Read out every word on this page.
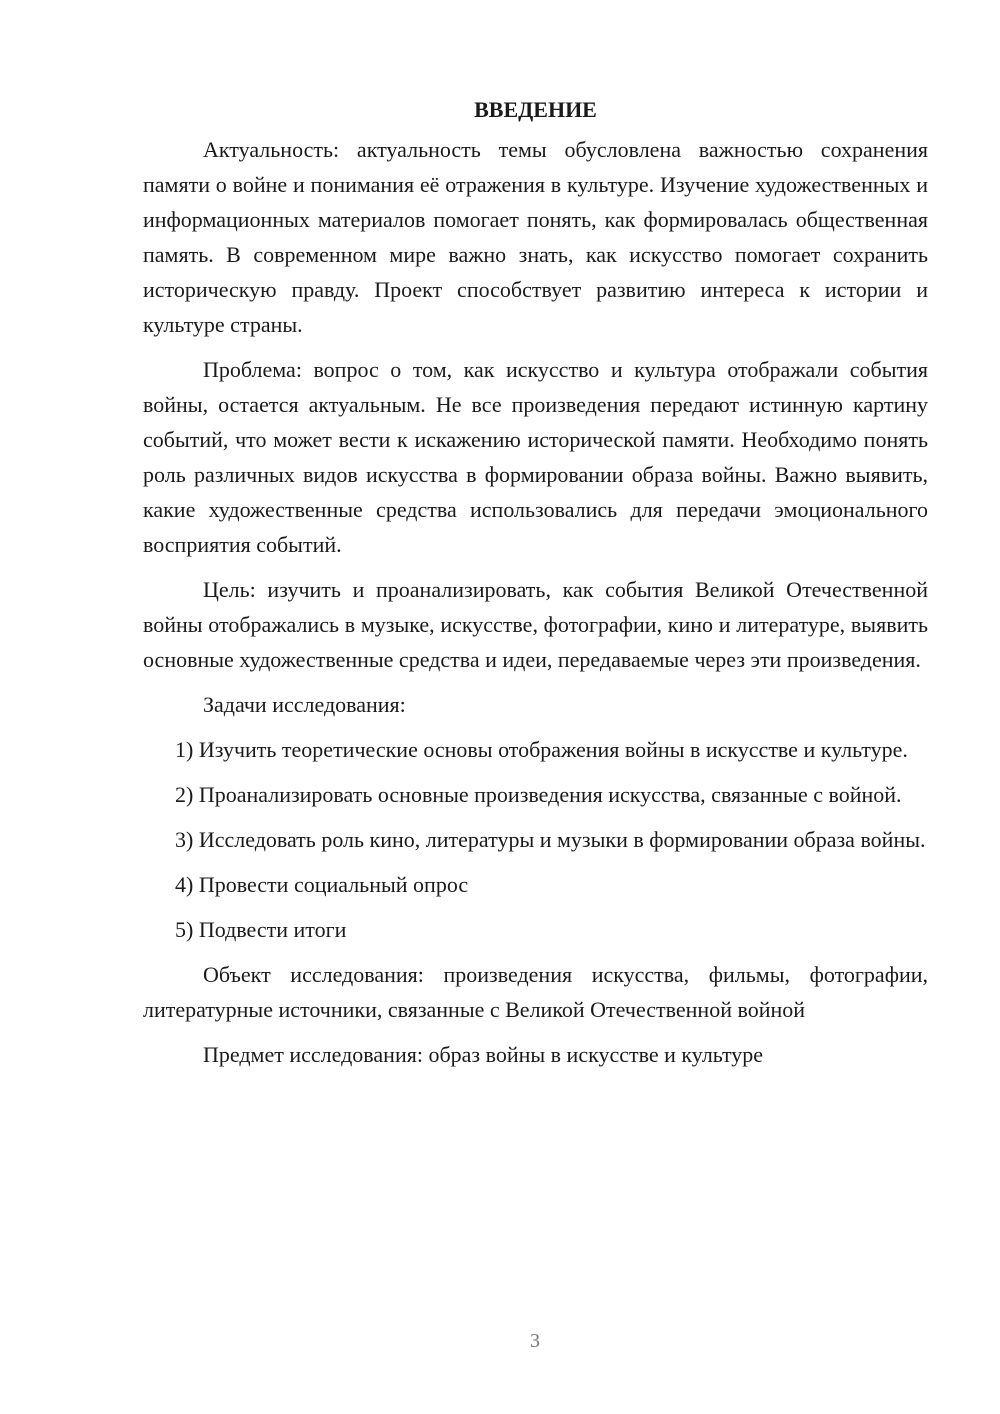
ВВЕДЕНИЕ

Актуальность: актуальность темы обусловлена важностью сохранения памяти о войне и понимания её отражения в культуре. Изучение художественных и информационных материалов помогает понять, как формировалась общественная память. В современном мире важно знать, как искусство помогает сохранить историческую правду. Проект способствует развитию интереса к истории и культуре страны.

Проблема: вопрос о том, как искусство и культура отображали события войны, остается актуальным. Не все произведения передают истинную картину событий, что может вести к искажению исторической памяти. Необходимо понять роль различных видов искусства в формировании образа войны. Важно выявить, какие художественные средства использовались для передачи эмоционального восприятия событий.

Цель: изучить и проанализировать, как события Великой Отечественной войны отображались в музыке, искусстве, фотографии, кино и литературе, выявить основные художественные средства и идеи, передаваемые через эти произведения.

Задачи исследования:

1) Изучить теоретические основы отображения войны в искусстве и культуре.

2) Проанализировать основные произведения искусства, связанные с войной.

3) Исследовать роль кино, литературы и музыки в формировании образа войны.

4) Провести социальный опрос

5) Подвести итоги

Объект исследования: произведения искусства, фильмы, фотографии, литературные источники, связанные с Великой Отечественной войной

Предмет исследования: образ войны в искусстве и культуре

3
